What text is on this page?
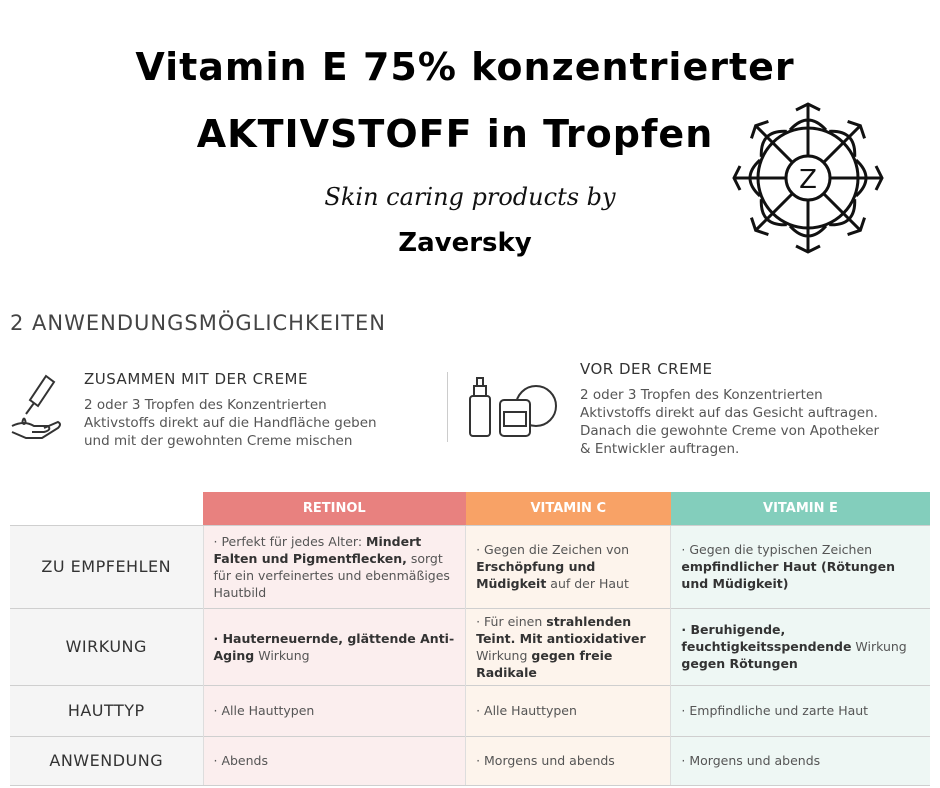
Vitamin E 75% konzentrierter
AKTIVSTOFF in Tropfen
Skin caring products by
Zaversky
Z
2 ANWENDUNGSMÖGLICHKEITEN
ZUSAMMEN MIT DER CREME
2 oder 3 Tropfen des Konzentrierten
Aktivstoffs direkt auf die Handfläche geben
und mit der gewohnten Creme mischen
VOR DER CREME
2 oder 3 Tropfen des Konzentrierten
Aktivstoffs direkt auf das Gesicht auftragen.
Danach die gewohnte Creme von Apotheker
& Entwickler auftragen.
	RETINOL	VITAMIN C	VITAMIN E
ZU EMPFEHLEN	· Perfekt für jedes Alter: Mindert Falten und Pigmentflecken, sorgt für ein verfeinertes und ebenmäßiges Hautbild	· Gegen die Zeichen von Erschöpfung und Müdigkeit auf der Haut	· Gegen die typischen Zeichen empfindlicher Haut (Rötungen und Müdigkeit)
WIRKUNG	· Hauterneuernde, glättende Anti-Aging Wirkung	· Für einen strahlenden Teint. Mit antioxidativer Wirkung gegen freie Radikale	· Beruhigende, feuchtigkeitsspendende Wirkung gegen Rötungen
HAUTTYP	· Alle Hauttypen	· Alle Hauttypen	· Empfindliche und zarte Haut
ANWENDUNG	· Abends	· Morgens und abends	· Morgens und abends
